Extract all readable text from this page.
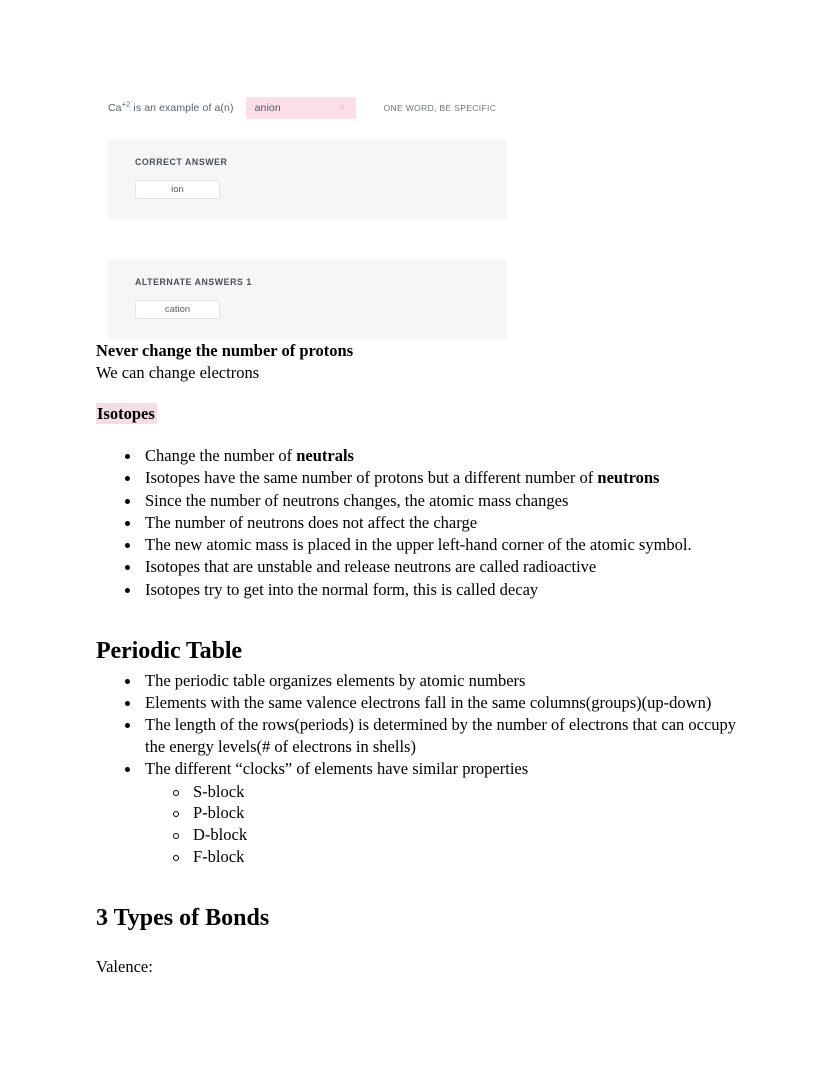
$Ca^{+2}$ is an example of a(n)	anion	×	ONE WORD, BE SPECIFIC
CORRECT ANSWER
ion
ALTERNATE ANSWERS 1
cation

Never change the number of protons

We can change electrons

Isotopes
Change the number of neutrals
Isotopes have the same number of protons but a different number of neutrons
Since the number of neutrons changes, the atomic mass changes
The number of neutrons does not affect the charge
The new atomic mass is placed in the upper left-hand corner of the atomic symbol.
Isotopes that are unstable and release neutrons are called radioactive
Isotopes try to get into the normal form, this is called decay
Periodic Table
The periodic table organizes elements by atomic numbers
Elements with the same valence electrons fall in the same columns(groups)(up-down)
The length of the rows(periods) is determined by the number of electrons that can occupy the energy levels(# of electrons in shells)
The different “clocks” of elements have similar properties
S-block
P-block
D-block
F-block
3 Types of Bonds

Valence:
